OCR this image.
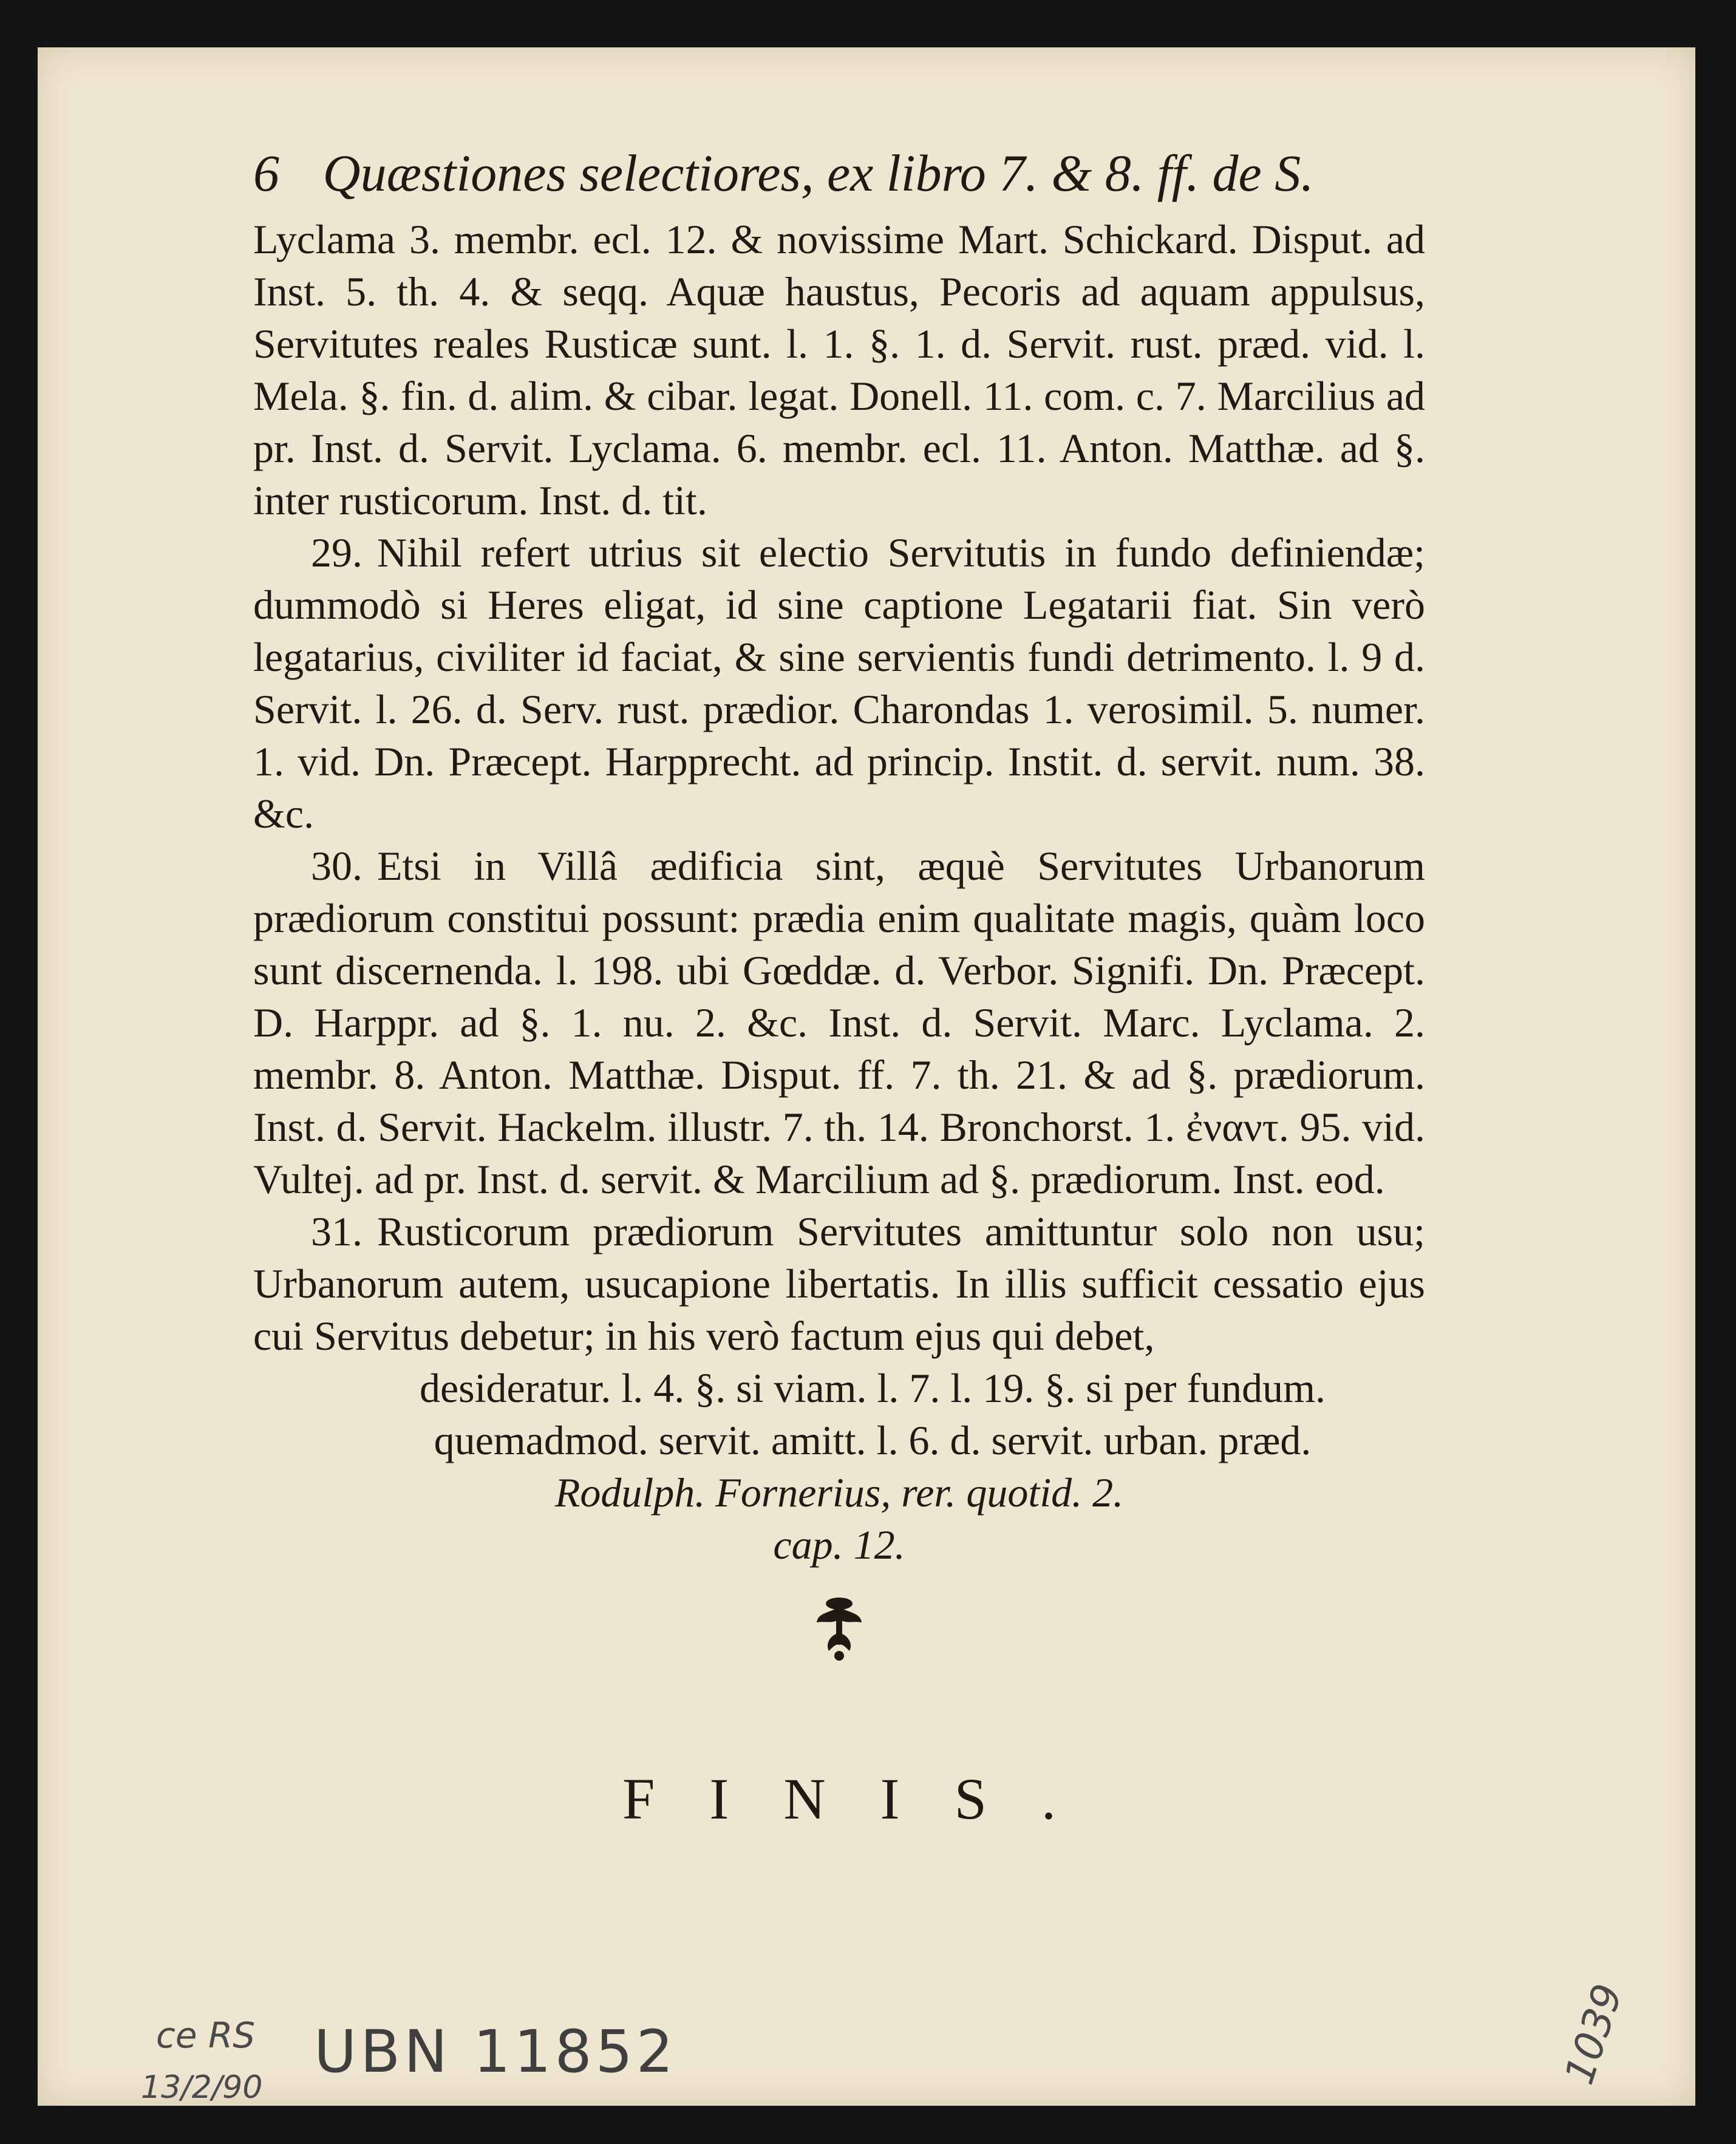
6 Quæstiones selectiores, ex libro 7. & 8. ff. de S.

Lyclama 3. membr. ecl. 12. & novissime Mart. Schickard. Disput. ad Inst. 5. th. 4. & seqq. Aquæ haustus, Pecoris ad aquam appulsus, Servitutes reales Rusticæ sunt. l. 1. §. 1. d. Servit. rust. præd. vid. l. Mela. §. fin. d. alim. & cibar. legat. Donell. 11. com. c. 7. Marcilius ad pr. Inst. d. Servit. Lyclama. 6. membr. ecl. 11. Anton. Matthæ. ad §. inter rusticorum. Inst. d. tit.

29. Nihil refert utrius sit electio Servitutis in fundo definiendæ; dummodò si Heres eligat, id sine captione Legatarii fiat. Sin verò legatarius, civiliter id faciat, & sine servientis fundi detrimento. l. 9 d. Servit. l. 26. d. Serv. rust. prædior. Charondas 1. verosimil. 5. numer. 1. vid. Dn. Præcept. Harpprecht. ad princip. Instit. d. servit. num. 38. &c.

30. Etsi in Villâ ædificia sint, æquè Servitutes Urbanorum prædiorum constitui possunt: prædia enim qualitate magis, quàm loco sunt discernenda. l. 198. ubi Gœddæ. d. Verbor. Signifi. Dn. Præcept. D. Harppr. ad §. 1. nu. 2. &c. Inst. d. Servit. Marc. Lyclama. 2. membr. 8. Anton. Matthæ. Disput. ff. 7. th. 21. & ad §. prædiorum. Inst. d. Servit. Hackelm. illustr. 7. th. 14. Bronchorst. 1. ἐναντ. 95. vid. Vultej. ad pr. Inst. d. servit. & Marcilium ad §. prædiorum. Inst. eod.

31. Rusticorum prædiorum Servitutes amittuntur solo non usu; Urbanorum autem, usucapione libertatis. In illis sufficit cessatio ejus cui Servitus debetur; in his verò factum ejus qui debet,

desideratur. l. 4. §. si viam. l. 7. l. 19. §. si per fundum. quemadmod. servit. amitt. l. 6. d. servit. urban. præd.
Rodulph. Fornerius, rer. quotid. 2.
cap. 12.
FINIS.
ce RS
13/2/90
UBN 11852	1039
